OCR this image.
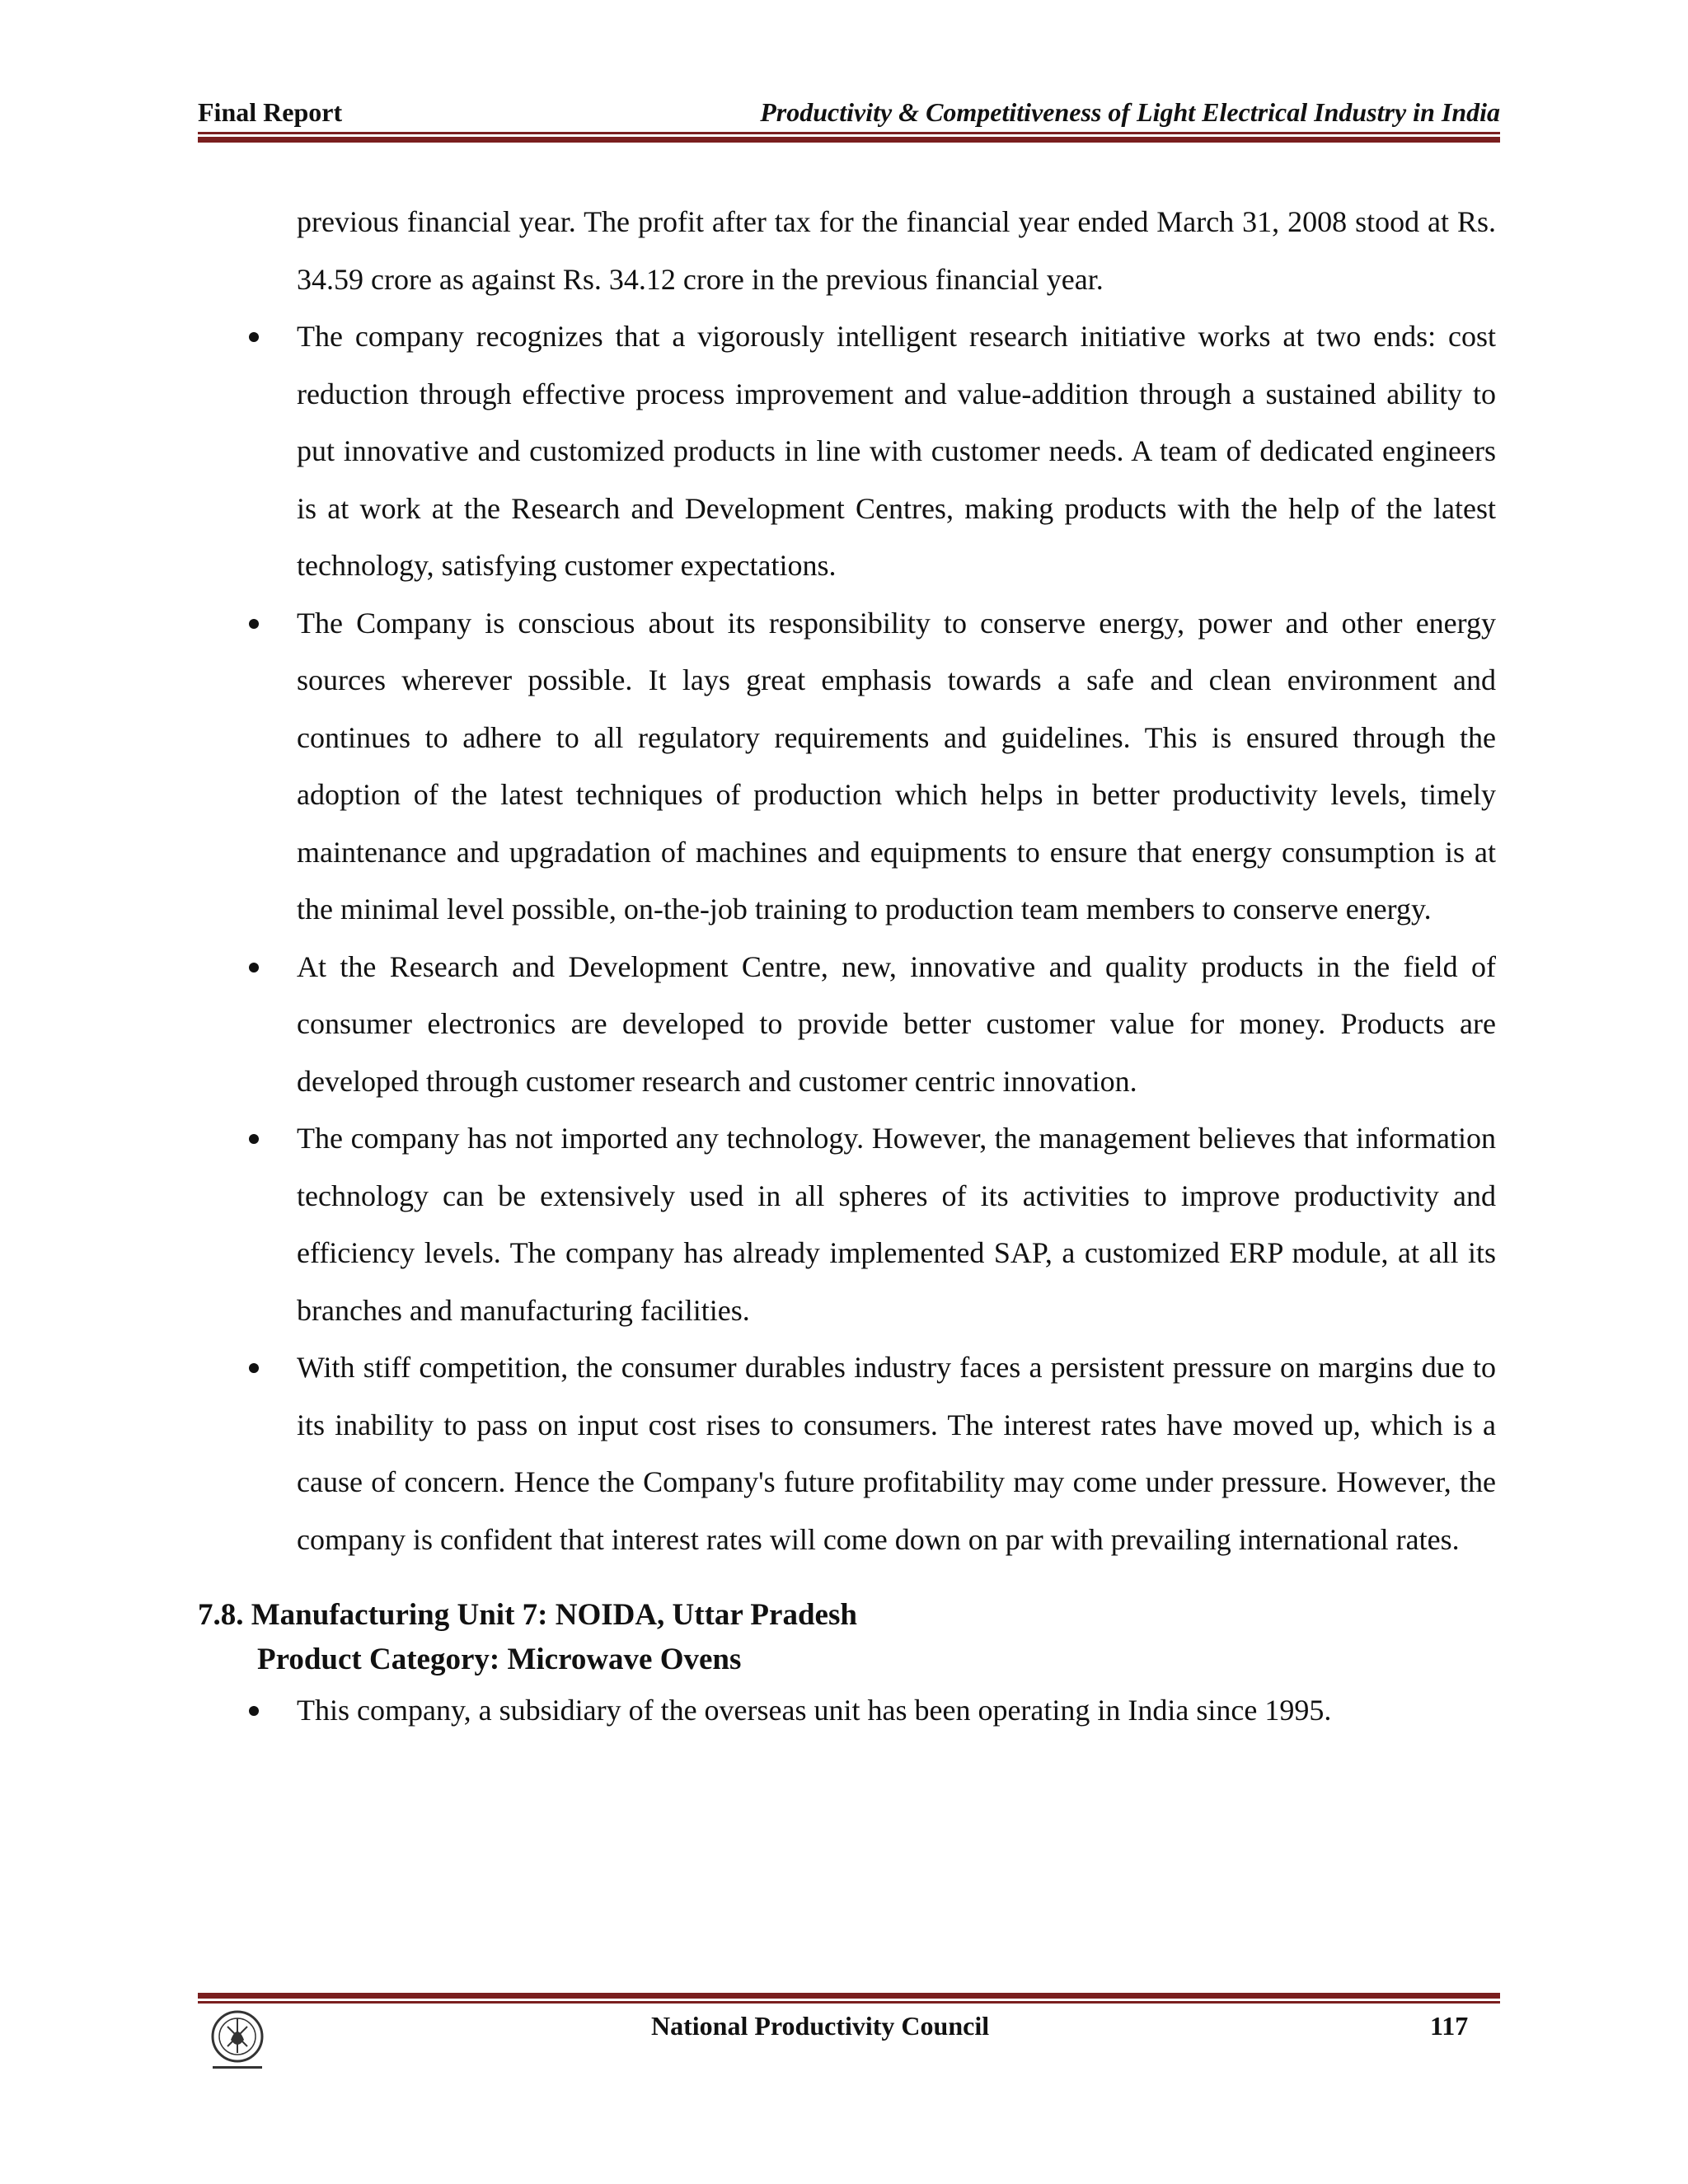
Final Report	Productivity & Competitiveness of Light Electrical Industry in India

previous financial year. The profit after tax for the financial year ended March 31, 2008 stood at Rs. 34.59 crore as against Rs. 34.12 crore in the previous financial year.

The company recognizes that a vigorously intelligent research initiative works at two ends: cost reduction through effective process improvement and value-addition through a sustained ability to put innovative and customized products in line with customer needs. A team of dedicated engineers is at work at the Research and Development Centres, making products with the help of the latest technology, satisfying customer expectations.
The Company is conscious about its responsibility to conserve energy, power and other energy sources wherever possible. It lays great emphasis towards a safe and clean environment and continues to adhere to all regulatory requirements and guidelines. This is ensured through the adoption of the latest techniques of production which helps in better productivity levels, timely maintenance and upgradation of machines and equipments to ensure that energy consumption is at the minimal level possible, on-the-job training to production team members to conserve energy.
At the Research and Development Centre, new, innovative and quality products in the field of consumer electronics are developed to provide better customer value for money. Products are developed through customer research and customer centric innovation.
The company has not imported any technology. However, the management believes that information technology can be extensively used in all spheres of its activities to improve productivity and efficiency levels. The company has already implemented SAP, a customized ERP module, at all its branches and manufacturing facilities.
With stiff competition, the consumer durables industry faces a persistent pressure on margins due to its inability to pass on input cost rises to consumers. The interest rates have moved up, which is a cause of concern. Hence the Company's future profitability may come under pressure. However, the company is confident that interest rates will come down on par with prevailing international rates.
7.8. Manufacturing Unit 7: NOIDA, Uttar Pradesh
Product Category: Microwave Ovens
This company, a subsidiary of the overseas unit has been operating in India since 1995.
National Productivity Council	117
